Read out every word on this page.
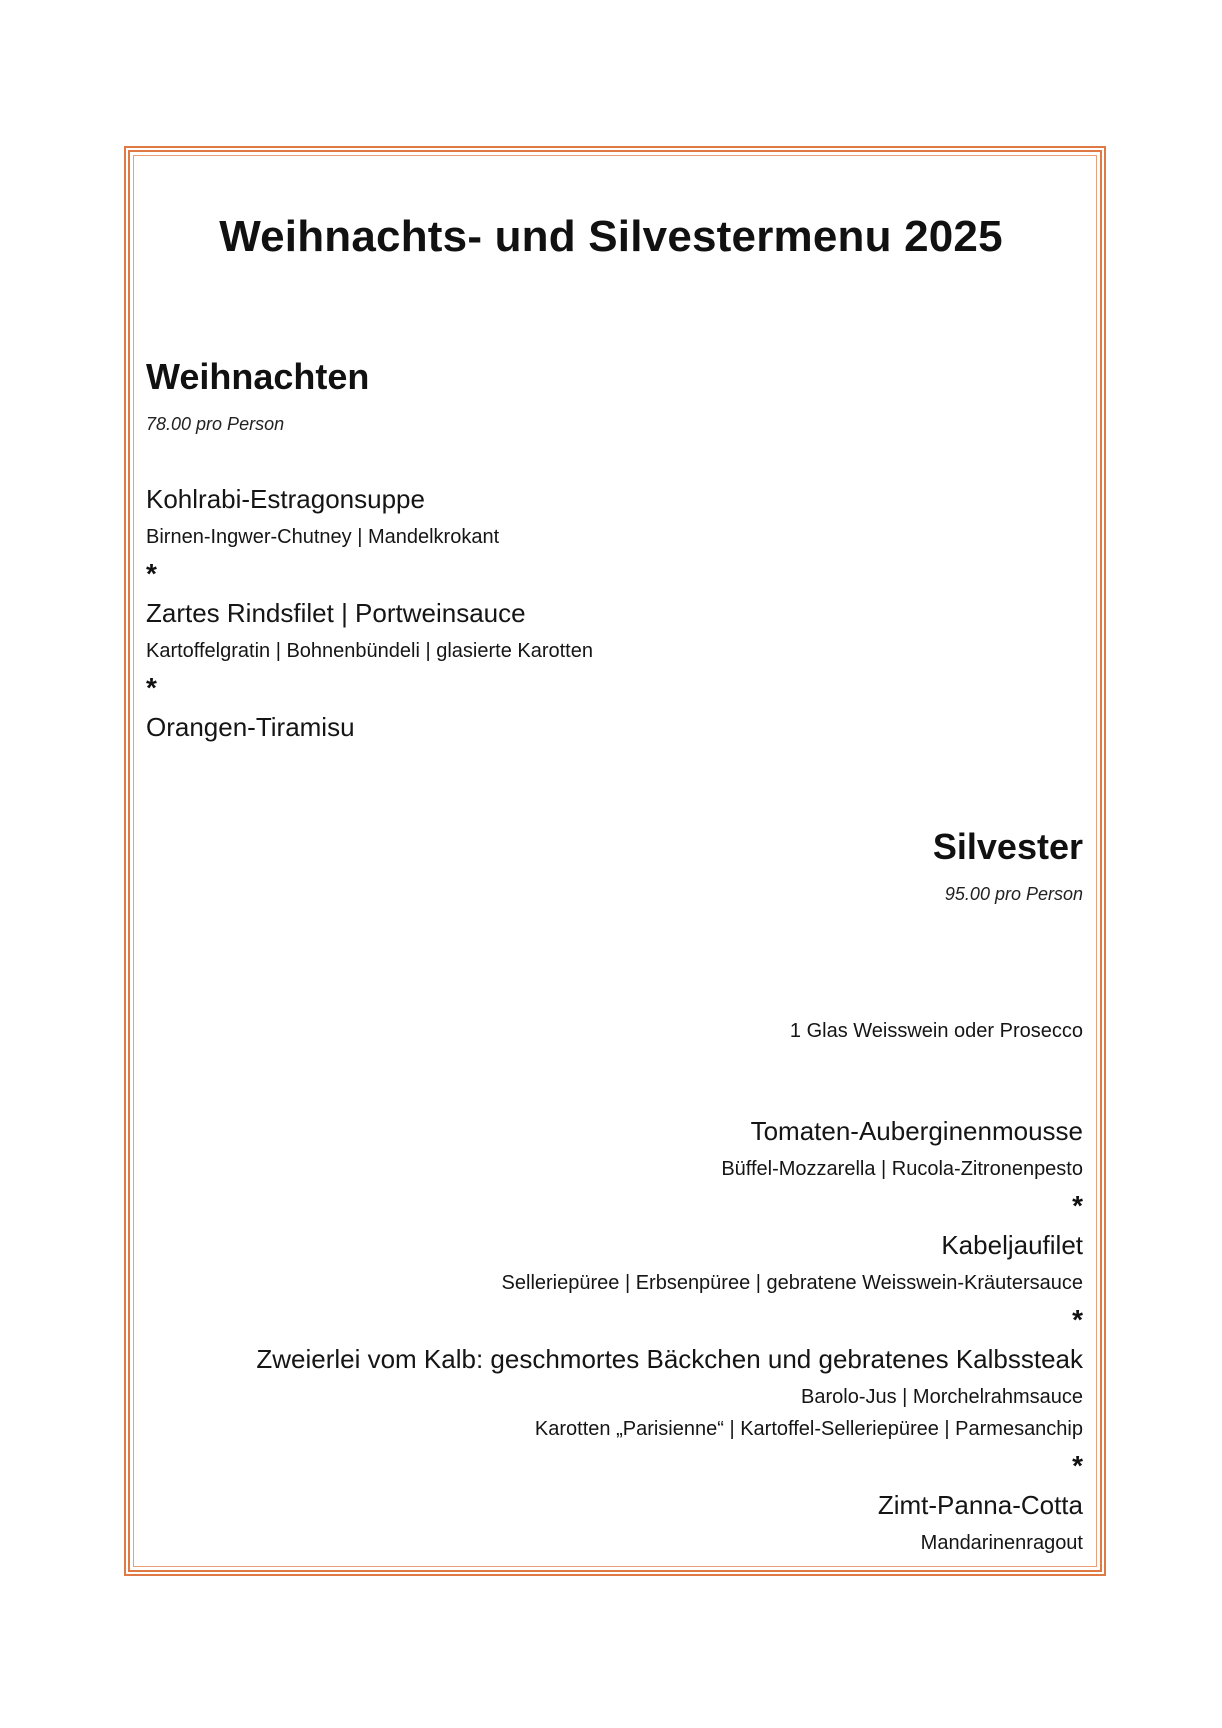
Weihnachts- und Silvestermenu 2025
Weihnachten
78.00 pro Person
Kohlrabi-Estragonsuppe
Birnen-Ingwer-Chutney | Mandelkrokant
*
Zartes Rindsfilet | Portweinsauce
Kartoffelgratin | Bohnenbündeli | glasierte Karotten
*
Orangen-Tiramisu
Silvester
95.00 pro Person
1 Glas Weisswein oder Prosecco
Tomaten-Auberginenmousse
Büffel-Mozzarella | Rucola-Zitronenpesto
*
Kabeljaufilet
Selleriepüree | Erbsenpüree | gebratene Weisswein-Kräutersauce
*
Zweierlei vom Kalb: geschmortes Bäckchen und gebratenes Kalbssteak
Barolo-Jus | Morchelrahmsauce
Karotten „Parisienne“ | Kartoffel-Selleriepüree | Parmesanchip
*
Zimt-Panna-Cotta
Mandarinenragout
